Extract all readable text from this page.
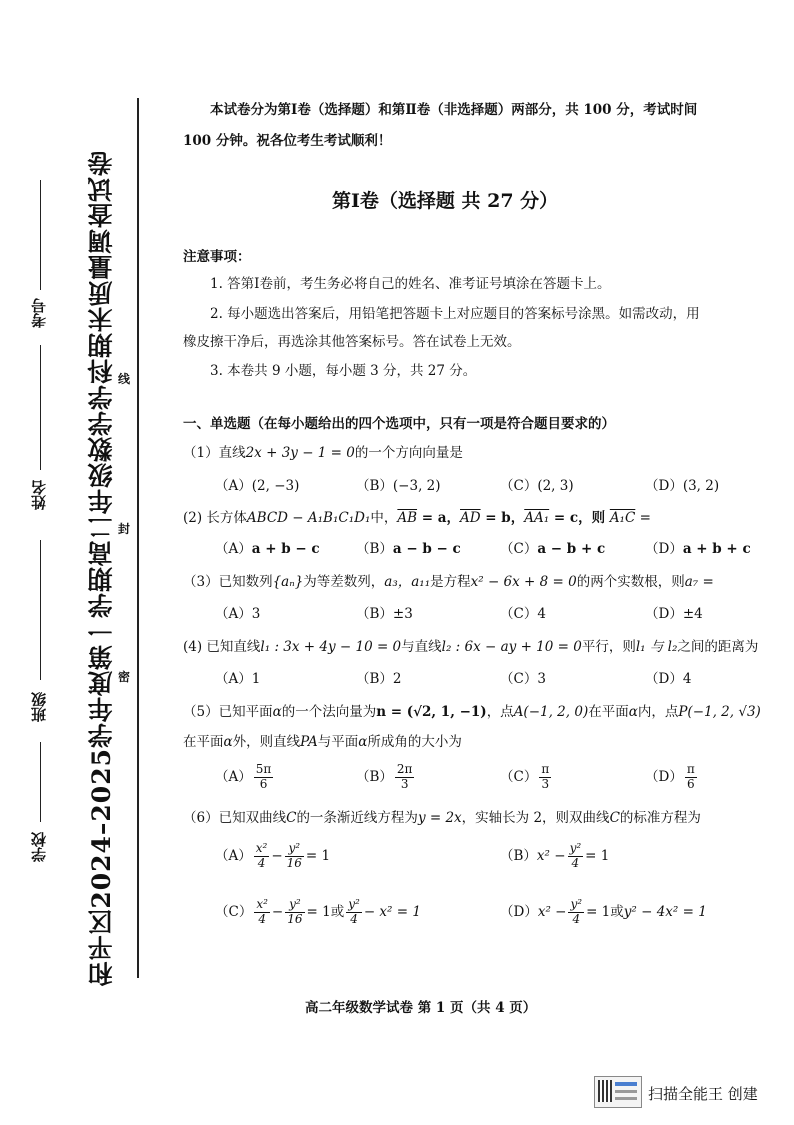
线
封
密
和平区2024–2025学年度第一学期高二年级数学学科期末质量调查试卷
学校
班级
姓名
考号
本试卷分为第Ⅰ卷（选择题）和第Ⅱ卷（非选择题）两部分，共 100 分，考试时间
100 分钟。祝各位考生考试顺利！
第Ⅰ卷（选择题 共 27 分）
注意事项：
1. 答第Ⅰ卷前，考生务必将自己的姓名、准考证号填涂在答题卡上。
2. 每小题选出答案后，用铅笔把答题卡上对应题目的答案标号涂黑。如需改动，用
橡皮擦干净后，再选涂其他答案标号。答在试卷上无效。
3. 本卷共 9 小题，每小题 3 分，共 27 分。
一、单选题（在每小题给出的四个选项中，只有一项是符合题目要求的）
（1）直线2x + 3y − 1 = 0的一个方向向量是
（A）(2, −3)	（B）(−3, 2)	（C）(2, 3)	（D）(3, 2)
(2) 长方体ABCD − A₁B₁C₁D₁中，$\overline{AB} = a$，$\overline{AD} = b$，AA₁ = c，则 A₁C =
（A）a + b − c	（B）a − b − c	（C）a − b + c	（D）a + b + c
（3）已知数列{aₙ}为等差数列，a₃，a₁₁是方程x² − 6x + 8 = 0的两个实数根，则a₇ =
（A）3	（B）±3	（C）4	（D）±4
(4) 已知直线l₁ : 3x + 4y − 10 = 0与直线l₂ : 6x − ay + 10 = 0平行，则l₁ 与 l₂之间的距离为
（A）1	（B）2	（C）3	（D）4
（5）已知平面α的一个法向量为n = (√2, 1, −1)，点A(−1, 2, 0)在平面α内，点P(−1, 2, √3)
在平面α外，则直线PA与平面α所成角的大小为
$(A) \frac{5\pi}{6}$	$(B) \frac{2\pi}{3}$	$(C) \frac{\pi}{3}$	$(D) \frac{\pi}{6}$
（6）已知双曲线C的一条渐近线方程为y = 2x，实轴长为 2，则双曲线C的标准方程为
$(A) \frac{\text{x²}}{4} - \frac{\text{y²}}{16} = 1$	$(B)x^2 - \frac{\text{y²}}{4} = 1$
$(C) \frac{\text{x²}}{4} - \frac{\text{y²}}{16} = 1$或 $\frac{\text{y²}}{4} - x^2 = 1$	$(D)x^2 - \frac{\text{y²}}{4} = 1$或y² − 4x² = 1
高二年级数学试卷 第 1 页（共 4 页）
扫描全能王 创建
